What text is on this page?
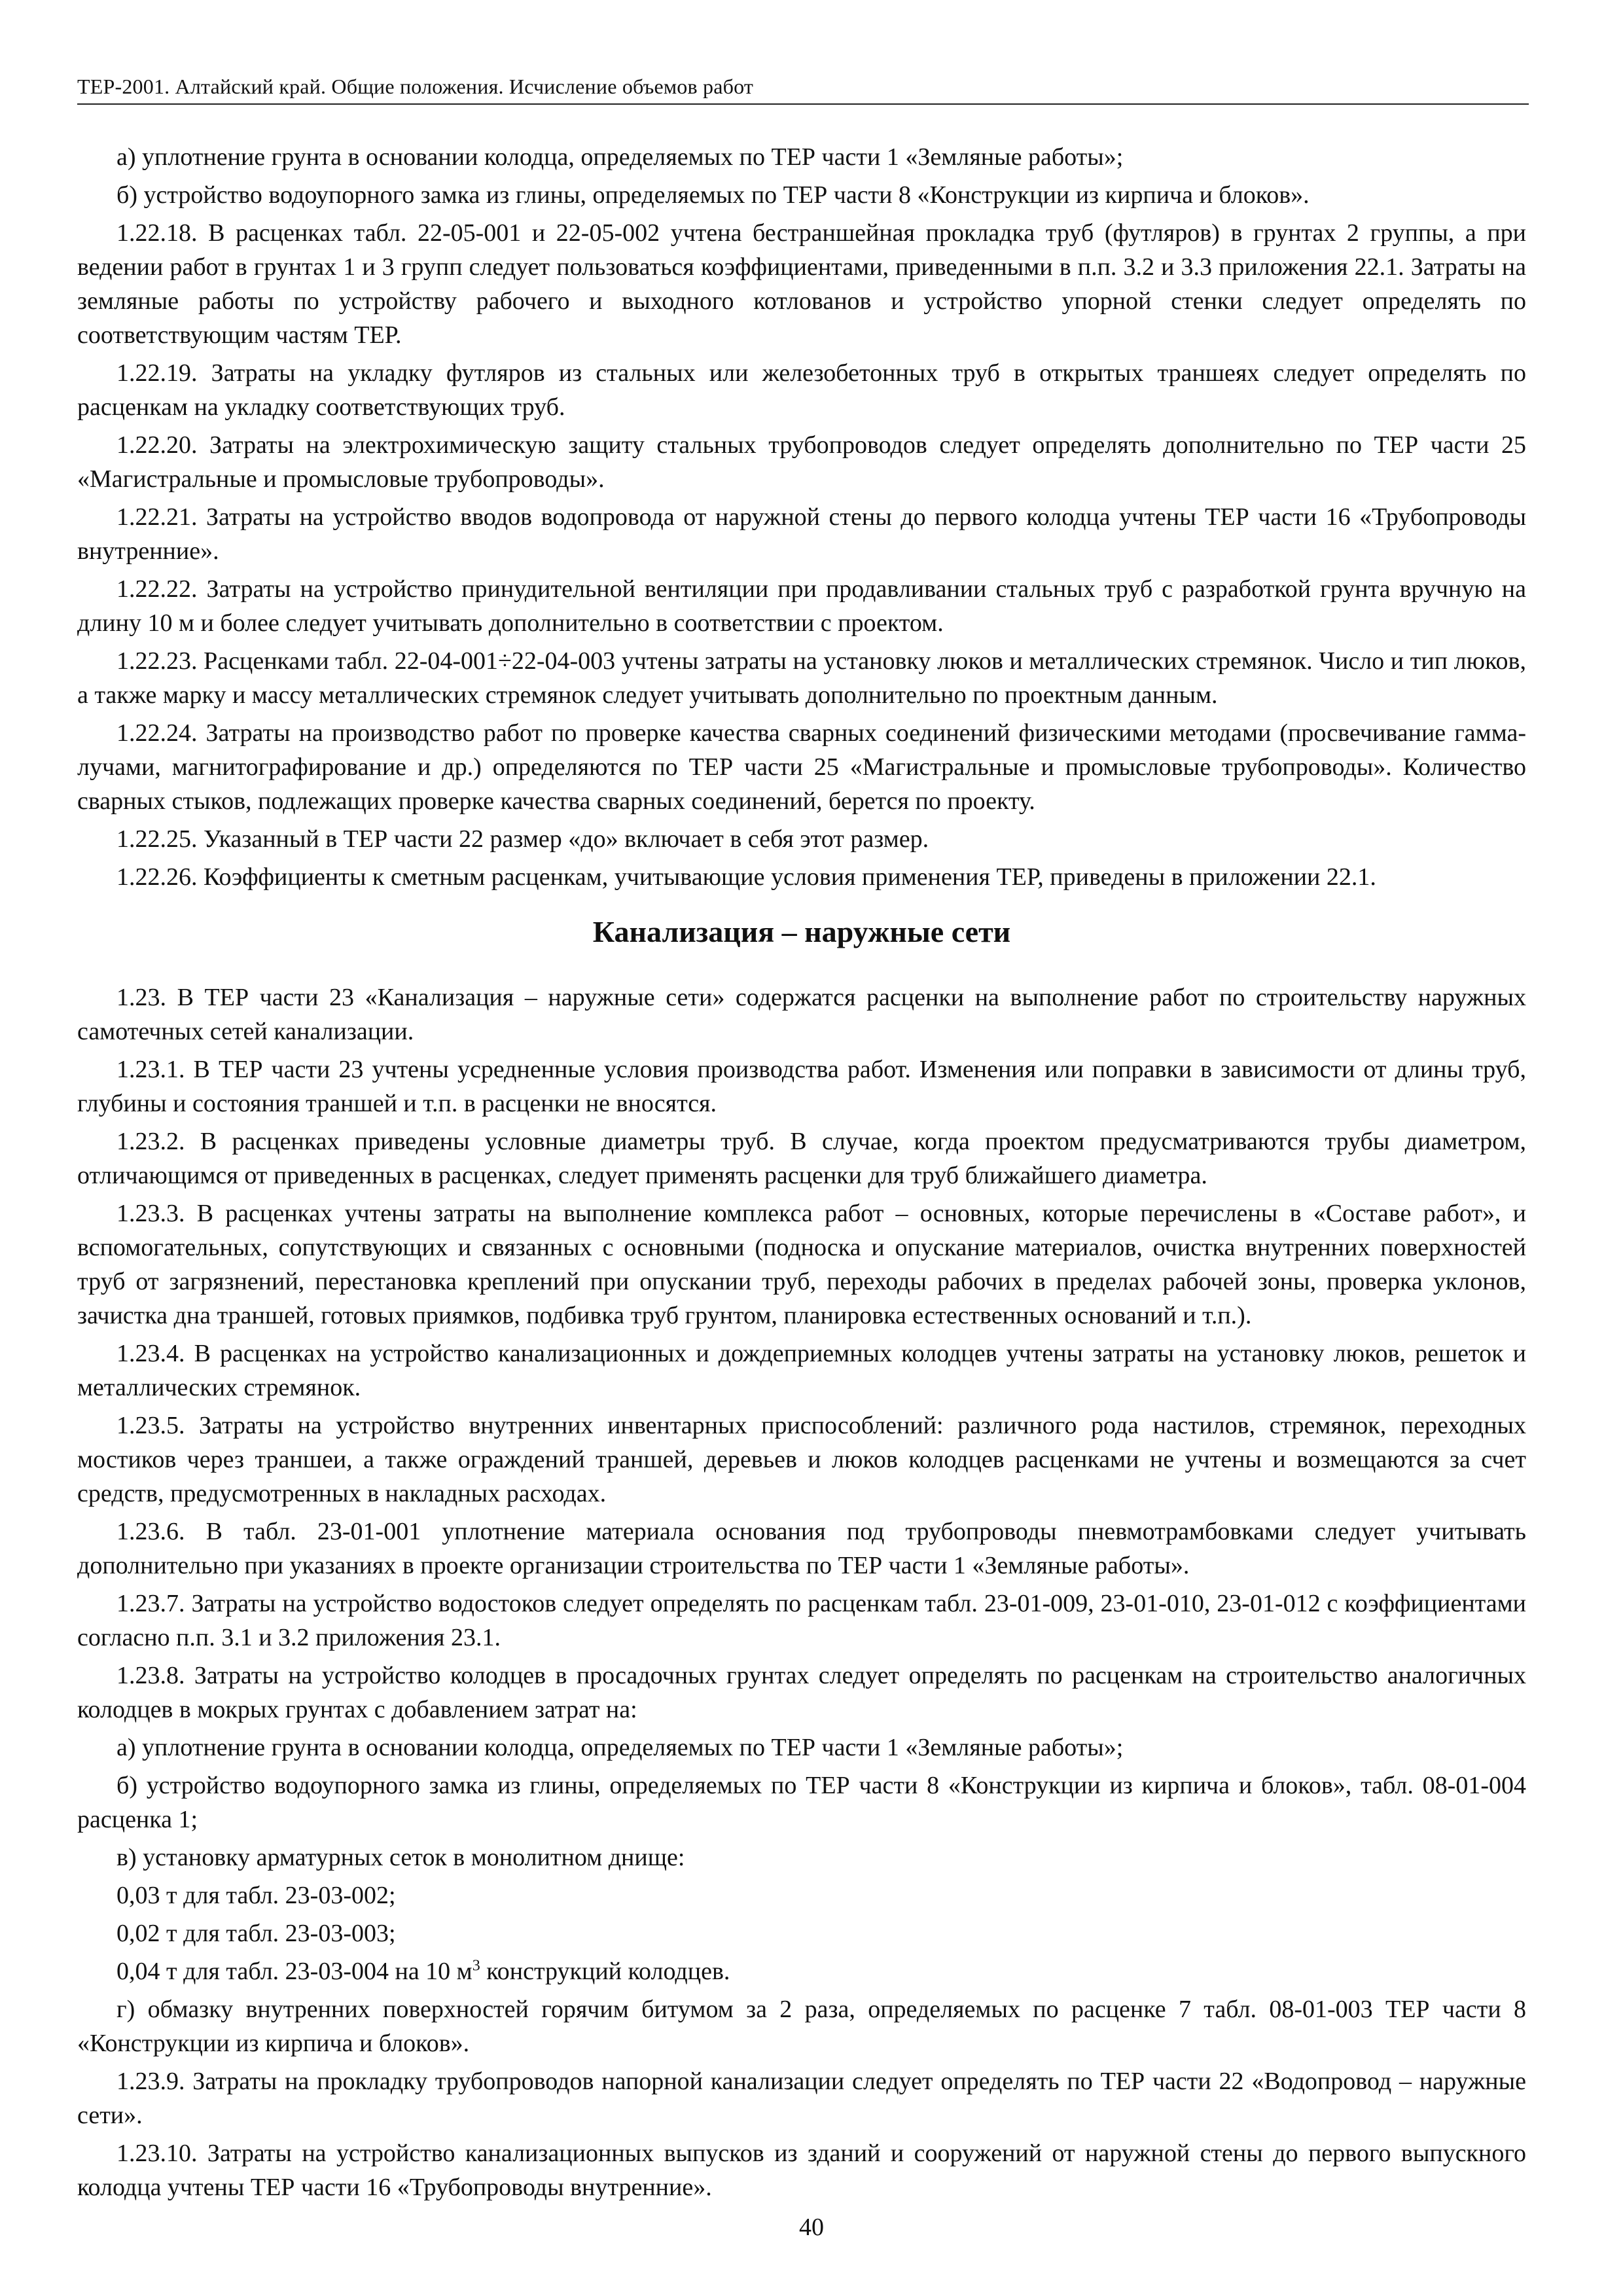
ТЕР-2001. Алтайский край. Общие положения. Исчисление объемов работ

а) уплотнение грунта в основании колодца, определяемых по ТЕР части 1 «Земляные работы»;

б) устройство водоупорного замка из глины, определяемых по ТЕР части 8 «Конструкции из кирпича и блоков».

1.22.18. В расценках табл. 22-05-001 и 22-05-002 учтена бестраншейная прокладка труб (футляров) в грунтах 2 группы, а при ведении работ в грунтах 1 и 3 групп следует пользоваться коэффициентами, приведенными в п.п. 3.2 и 3.3 приложения 22.1. Затраты на земляные работы по устройству рабочего и выходного котлованов и устройство упорной стенки следует определять по соответствующим частям ТЕР.

1.22.19. Затраты на укладку футляров из стальных или железобетонных труб в открытых траншеях следует определять по расценкам на укладку соответствующих труб.

1.22.20. Затраты на электрохимическую защиту стальных трубопроводов следует определять дополнительно по ТЕР части 25 «Магистральные и промысловые трубопроводы».

1.22.21. Затраты на устройство вводов водопровода от наружной стены до первого колодца учтены ТЕР части 16 «Трубопроводы внутренние».

1.22.22. Затраты на устройство принудительной вентиляции при продавливании стальных труб с разработкой грунта вручную на длину 10 м и более следует учитывать дополнительно в соответствии с проектом.

1.22.23. Расценками табл. 22-04-001÷22-04-003 учтены затраты на установку люков и металлических стремянок. Число и тип люков, а также марку и массу металлических стремянок следует учитывать дополнительно по проектным данным.

1.22.24. Затраты на производство работ по проверке качества сварных соединений физическими методами (просвечивание гамма-лучами, магнитографирование и др.) определяются по ТЕР части 25 «Магистральные и промысловые трубопроводы». Количество сварных стыков, подлежащих проверке качества сварных соединений, берется по проекту.

1.22.25. Указанный в ТЕР части 22 размер «до» включает в себя этот размер.

1.22.26. Коэффициенты к сметным расценкам, учитывающие условия применения ТЕР, приведены в приложении 22.1.

Канализация – наружные сети

1.23. В ТЕР части 23 «Канализация – наружные сети» содержатся расценки на выполнение работ по строительству наружных самотечных сетей канализации.

1.23.1. В ТЕР части 23 учтены усредненные условия производства работ. Изменения или поправки в зависимости от длины труб, глубины и состояния траншей и т.п. в расценки не вносятся.

1.23.2. В расценках приведены условные диаметры труб. В случае, когда проектом предусматриваются трубы диаметром, отличающимся от приведенных в расценках, следует применять расценки для труб ближайшего диаметра.

1.23.3. В расценках учтены затраты на выполнение комплекса работ – основных, которые перечислены в «Составе работ», и вспомогательных, сопутствующих и связанных с основными (подноска и опускание материалов, очистка внутренних поверхностей труб от загрязнений, перестановка креплений при опускании труб, переходы рабочих в пределах рабочей зоны, проверка уклонов, зачистка дна траншей, готовых приямков, подбивка труб грунтом, планировка естественных оснований и т.п.).

1.23.4. В расценках на устройство канализационных и дождеприемных колодцев учтены затраты на установку люков, решеток и металлических стремянок.

1.23.5. Затраты на устройство внутренних инвентарных приспособлений: различного рода настилов, стремянок, переходных мостиков через траншеи, а также ограждений траншей, деревьев и люков колодцев расценками не учтены и возмещаются за счет средств, предусмотренных в накладных расходах.

1.23.6. В табл. 23-01-001 уплотнение материала основания под трубопроводы пневмотрамбовками следует учитывать дополнительно при указаниях в проекте организации строительства по ТЕР части 1 «Земляные работы».

1.23.7. Затраты на устройство водостоков следует определять по расценкам табл. 23-01-009, 23-01-010, 23-01-012 с коэффициентами согласно п.п. 3.1 и 3.2 приложения 23.1.

1.23.8. Затраты на устройство колодцев в просадочных грунтах следует определять по расценкам на строительство аналогичных колодцев в мокрых грунтах с добавлением затрат на:

а) уплотнение грунта в основании колодца, определяемых по ТЕР части 1 «Земляные работы»;

б) устройство водоупорного замка из глины, определяемых по ТЕР части 8 «Конструкции из кирпича и блоков», табл. 08-01-004 расценка 1;

в) установку арматурных сеток в монолитном днище:

0,03 т для табл. 23-03-002;

0,02 т для табл. 23-03-003;

0,04 т для табл. 23-03-004 на 10 $м^3$ конструкций колодцев.

г) обмазку внутренних поверхностей горячим битумом за 2 раза, определяемых по расценке 7 табл. 08-01-003 ТЕР части 8 «Конструкции из кирпича и блоков».

1.23.9. Затраты на прокладку трубопроводов напорной канализации следует определять по ТЕР части 22 «Водопровод – наружные сети».

1.23.10. Затраты на устройство канализационных выпусков из зданий и сооружений от наружной стены до первого выпускного колодца учтены ТЕР части 16 «Трубопроводы внутренние».

40
